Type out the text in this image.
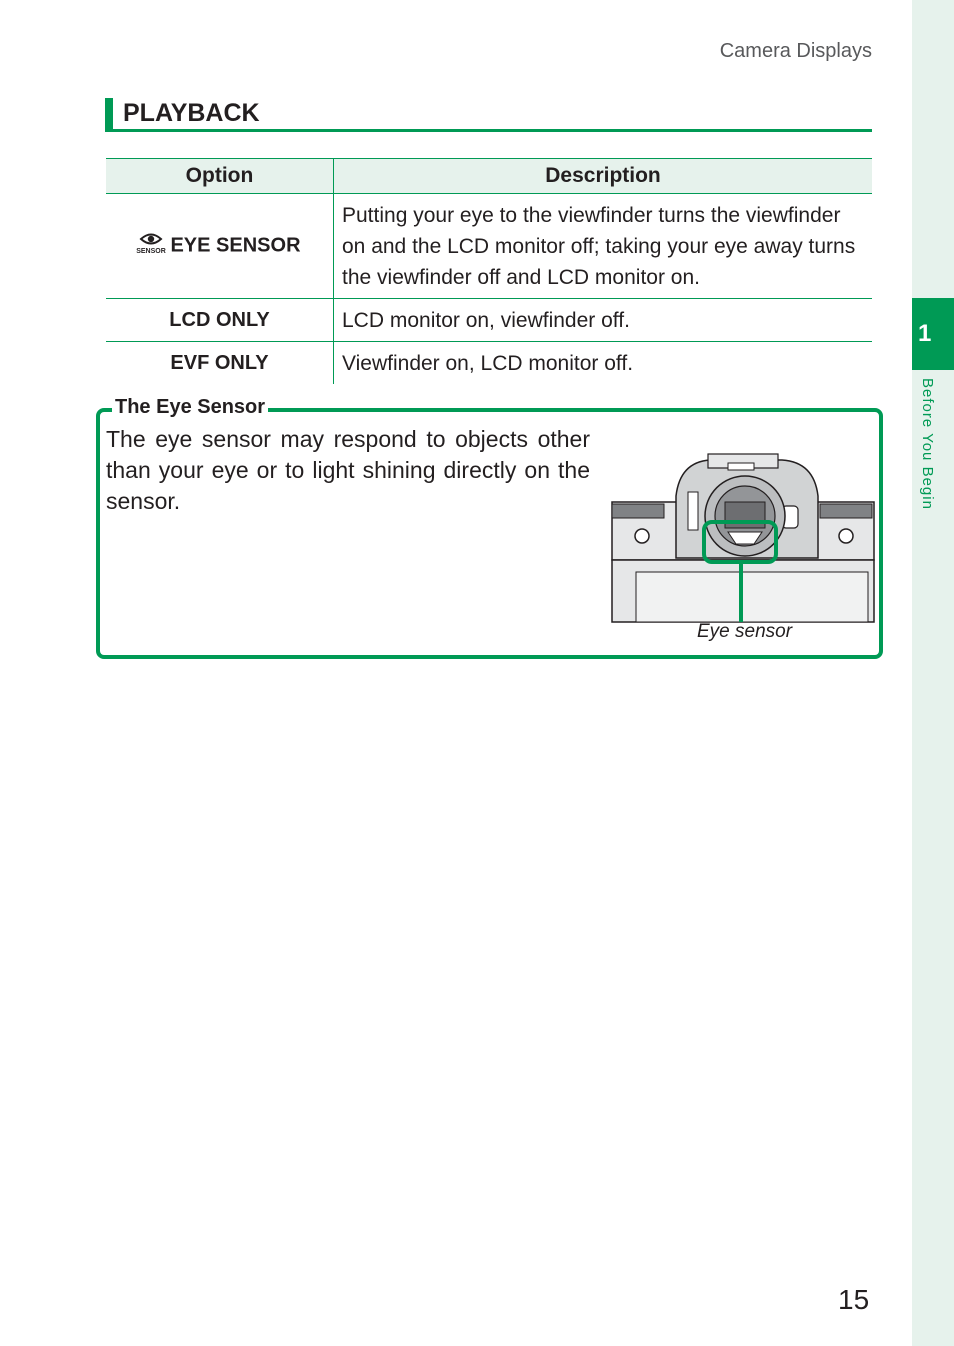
1
Before You Begin
Camera Displays
PLAYBACK
Option	Description

SENSOR EYE SENSOR	Putting your eye to the viewfinder turns the viewfinder on and the LCD monitor off; taking your eye away turns the viewfinder off and LCD monitor on.
LCD ONLY	LCD monitor on, viewfinder off.
EVF ONLY	Viewfinder on, LCD monitor off.
The Eye Sensor
The eye sensor may respond to objects other than your eye or to light shining directly on the sensor.
Eye sensor
15
